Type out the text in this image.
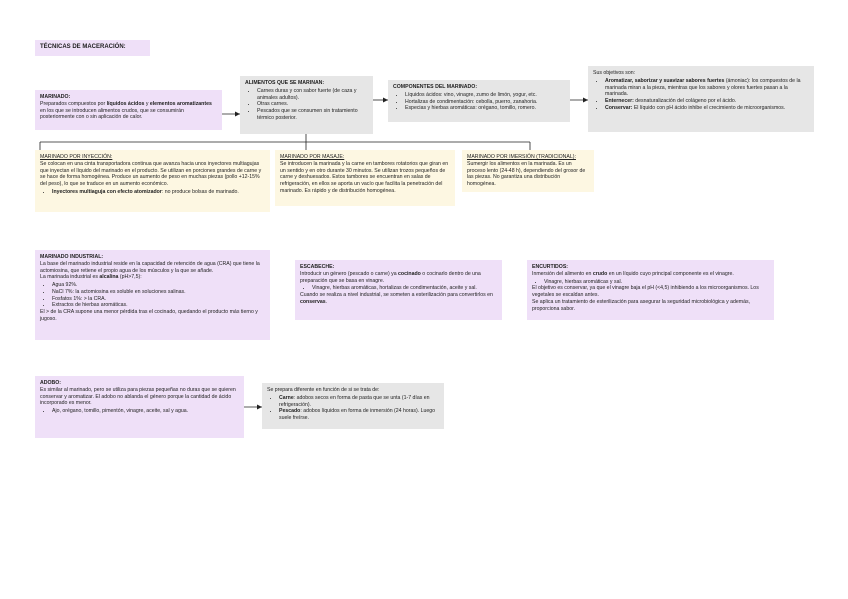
TÉCNICAS DE MACERACIÓN:

MARINADO:

Preparados compuestos por líquidos ácidos y elementos aromatizantes en los que se introducen alimentos crudos, que se consumirán posteriormente con o sin aplicación de calor.

ALIMENTOS QUE SE MARINAN:

• Carnes duras y con sabor fuerte (de caza y animales adultos).
• Otras carnes.
• Pescados que se consumen sin tratamiento térmico posterior.

COMPONENTES DEL MARINADO:

• Líquidos ácidos: vino, vinagre, zumo de limón, yogur, etc.
• Hortalizas de condimentación: cebolla, puerro, zanahoria.
• Especias y hierbas aromáticas: orégano, tomillo, romero.

Sus objetivos son:

• Aromatizar, saborizar y suavizar sabores fuertes (ámoniac): los compuestos de la marinada miran a la pieza, mientras que los sabores y olores fuertes pasan a la marinada.
• Enternecer: desnaturalización del colágeno por el ácido.
• Conservar: El líquido con pH ácido inhibe el crecimiento de microorganismos.

MARINADO POR INYECCIÓN:

Se colocan en una cinta transportadora continua que avanza hacia unos inyectores multiagujas que inyectan el líquido del marinado en el producto. Se utilizan en porciones grandes de carne y se hace de forma homogénea. Produce un aumento de peso en muchas piezas (pollo +12-15% del peso), lo que se traduce en un aumento económico.

• Inyectores multiaguja con efecto atomizador: no produce bolsas de marinado.

MARINADO POR MASAJE:

Se introducen la marinada y la carne en tambores rotatorios que giran en un sentido y en otro durante 30 minutos. Se utilizan trozos pequeños de carne y deshuesados. Estos tambores se encuentran en salas de refrigeración, en ellos se aporta un vacío que facilita la penetración del marinado. Es rápido y de distribución homogénea.

MARINADO POR IMERSIÓN (TRADICIONAL):

Sumergir los alimentos en la marinada. Es un proceso lento (24-48 h), dependiendo del grosor de las piezas. No garantiza una distribución homogénea.

MARINADO INDUSTRIAL:

La base del marinado industrial reside en la capacidad de retención de agua (CRA) que tiene la actomiosina, que retiene el propio agua de los músculos y la que se añade.

La marinada industrial es alcalina (pH>7,5):

• Agua 92%.
• NaCl 7%: la actomiosina es soluble en soluciones salinas.
• Fosfatos 1%: > la CRA.
• Extractos de hierbas aromáticas.

El > de la CRA supone una menor pérdida tras el cocinado, quedando el producto más tierno y jugoso.

ESCABECHE:

Introducir un género (pescado o carne) ya cocinado o cocinarlo dentro de una preparación que se basa en vinagre.

• Vinagre, hierbas aromáticas, hortalizas de condimentación, aceite y sal.

Cuando se realiza a nivel industrial, se someten a esterilización para convertirlos en conservas.

ENCURTIDOS:

Inmersión del alimento en crudo en un líquido cuyo principal componente es el vinagre.

• Vinagre, hierbas aromáticas y sal.

El objetivo es conservar, ya que el vinagre baja el pH (<4,5) inhibiendo a los microorganismos. Los vegetales se escaldan antes.

Se aplica un tratamiento de esterilización para asegurar la seguridad microbiológica y además, proporciona sabor.

ADOBO:

Es similar al marinado, pero se utiliza para piezas pequeñas no duras que se quieren conservar y aromatizar. El adobo no ablanda el género porque la cantidad de ácido incorporado es menor.

• Ajo, orégano, tomillo, pimentón, vinagre, aceite, sal y agua.

Se prepara diferente en función de si se trata de:

• Carne: adobos secos en forma de pasta que se unta (1-7 días en refrigeración).
• Pescado: adobos líquidos en forma de inmersión (24 horas). Luego suele freírse.
